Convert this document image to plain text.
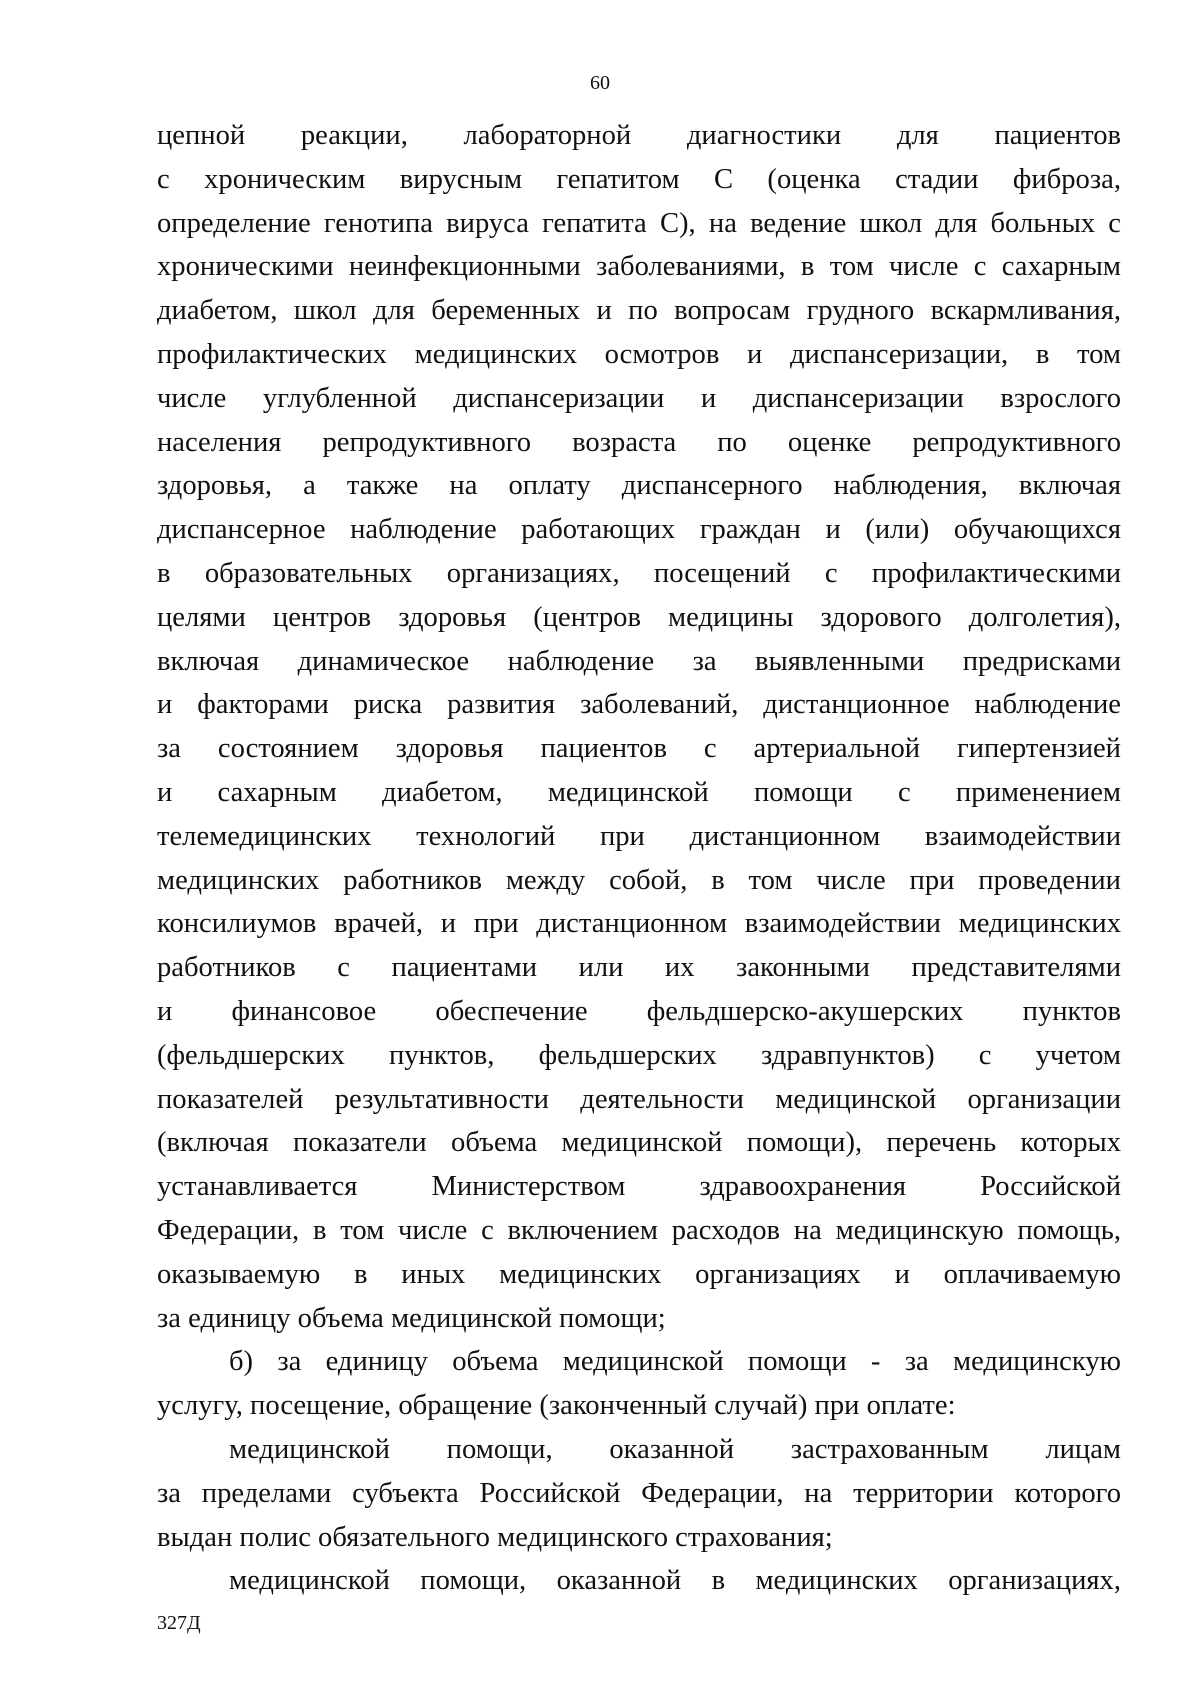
60
цепной реакции, лабораторной диагностики для пациентов
с хроническим вирусным гепатитом С (оценка стадии фиброза,
определение генотипа вируса гепатита С), на ведение школ для больных с
хроническими неинфекционными заболеваниями, в том числе с сахарным
диабетом, школ для беременных и по вопросам грудного вскармливания,
профилактических медицинских осмотров и диспансеризации, в том
числе углубленной диспансеризации и диспансеризации взрослого
населения репродуктивного возраста по оценке репродуктивного
здоровья, а также на оплату диспансерного наблюдения, включая
диспансерное наблюдение работающих граждан и (или) обучающихся
в образовательных организациях, посещений с профилактическими
целями центров здоровья (центров медицины здорового долголетия),
включая динамическое наблюдение за выявленными предрисками
и факторами риска развития заболеваний, дистанционное наблюдение
за состоянием здоровья пациентов с артериальной гипертензией
и сахарным диабетом, медицинской помощи с применением
телемедицинских технологий при дистанционном взаимодействии
медицинских работников между собой, в том числе при проведении
консилиумов врачей, и при дистанционном взаимодействии медицинских
работников с пациентами или их законными представителями
и финансовое обеспечение фельдшерско-акушерских пунктов
(фельдшерских пунктов, фельдшерских здравпунктов) с учетом
показателей результативности деятельности медицинской организации
(включая показатели объема медицинской помощи), перечень которых
устанавливается Министерством здравоохранения Российской
Федерации, в том числе с включением расходов на медицинскую помощь,
оказываемую в иных медицинских организациях и оплачиваемую
за единицу объема медицинской помощи;
б) за единицу объема медицинской помощи - за медицинскую
услугу, посещение, обращение (законченный случай) при оплате:
медицинской помощи, оказанной застрахованным лицам
за пределами субъекта Российской Федерации, на территории которого
выдан полис обязательного медицинского страхования;
медицинской помощи, оказанной в медицинских организациях,
327Д
